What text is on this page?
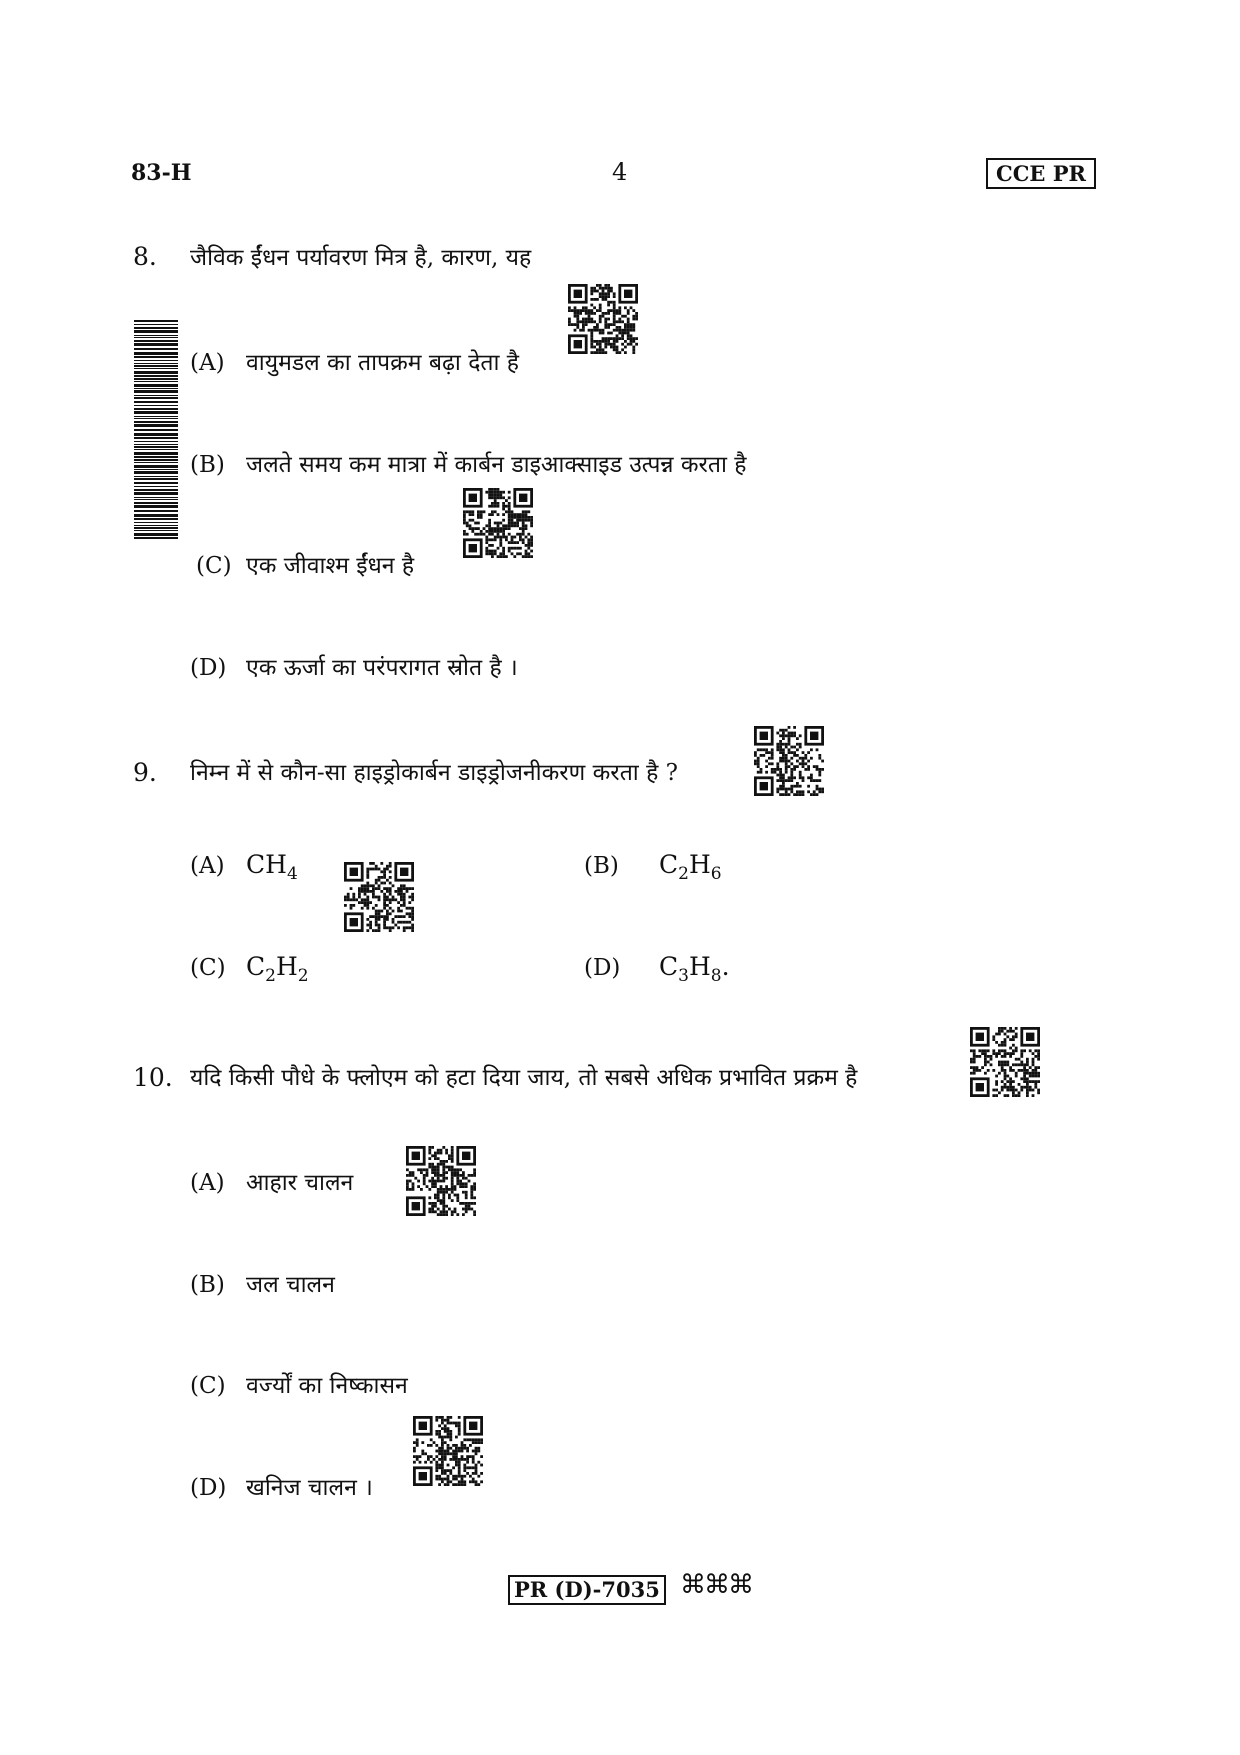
83-H	4	CCE PR
8. जैविक ईंधन पर्यावरण मित्र है, कारण, यह
(A) वायुमडल का तापक्रम बढ़ा देता है
(B) जलते समय कम मात्रा में कार्बन डाइआक्साइड उत्पन्न करता है
(C) एक जीवाश्म ईंधन है
(D) एक ऊर्जा का परंपरागत स्रोत है ।
9. निम्न में से कौन-सा हाइड्रोकार्बन डाइड्रोजनीकरण करता है ?
(A) $CH_4$	(B) $C_2H_6$
(C) $C_2H_2$	(D) $C_3H_8$.
10. यदि किसी पौधे के फ्लोएम को हटा दिया जाय, तो सबसे अधिक प्रभावित प्रक्रम है
(A) आहार चालन
(B) जल चालन
(C) वर्ज्यों का निष्कासन
(D) खनिज चालन ।
PR (D)-7035 ⌘⌘⌘
